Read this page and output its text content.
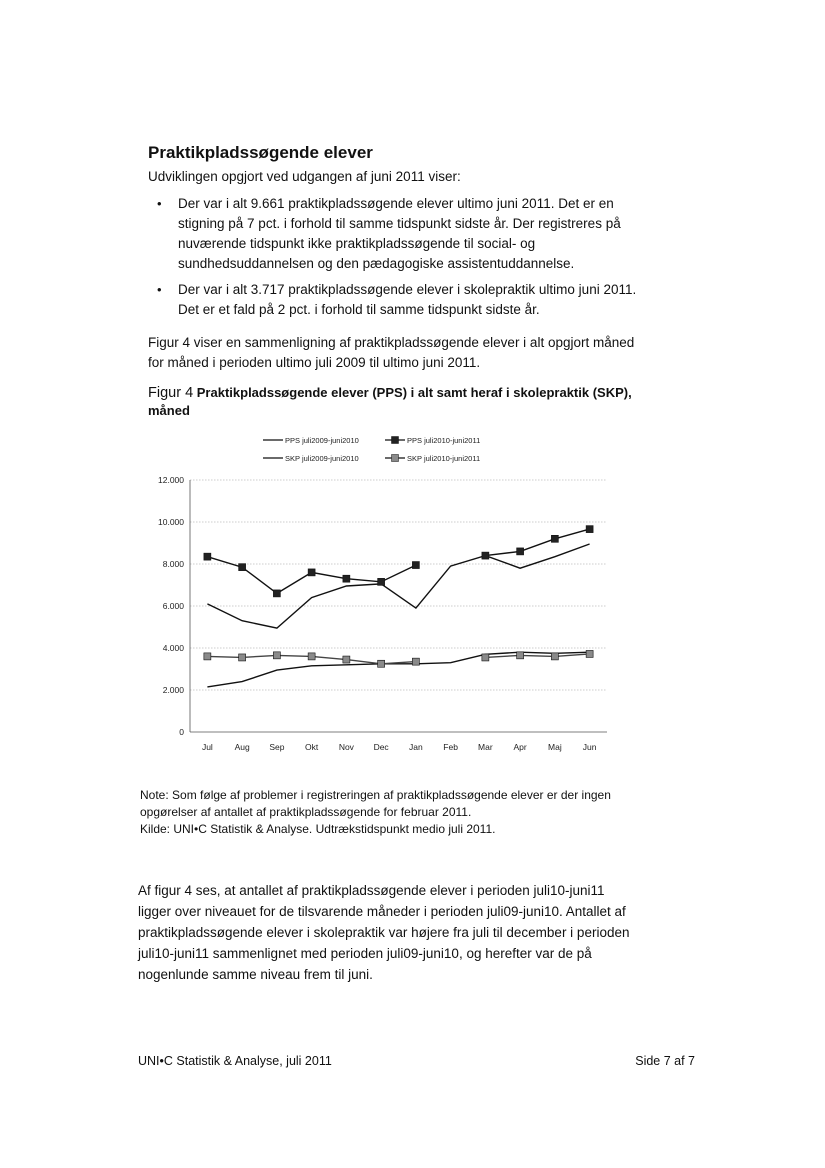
Praktikpladssøgende elever
Udviklingen opgjort ved udgangen af juni 2011 viser:
• Der var i alt 9.661 praktikpladssøgende elever ultimo juni 2011. Det er en stigning på 7 pct. i forhold til samme tidspunkt sidste år. Der registreres på nuværende tidspunkt ikke praktikpladssøgende til social- og sundhedsuddannelsen og den pædagogiske assistentuddannelse.
• Der var i alt 3.717 praktikpladssøgende elever i skolepraktik ultimo juni 2011. Det er et fald på 2 pct. i forhold til samme tidspunkt sidste år.
Figur 4 viser en sammenligning af praktikpladssøgende elever i alt opgjort måned for måned i perioden ultimo juli 2009 til ultimo juni 2011.
Figur 4 Praktikpladssøgende elever (PPS) i alt samt heraf i skolepraktik (SKP), måned
0
2.000
4.000
6.000
8.000
10.000
12.000
Jul	Aug Sep Okt Nov Dec Jan Feb Mar Apr	Maj Jun
PPS juli2009-juni2010	PPS juli2010-juni2011
SKP juli2009-juni2010	SKP juli2010-juni2011
Note: Som følge af problemer i registreringen af praktikpladssøgende elever er der ingen opgørelser af antallet af praktikpladssøgende for februar 2011.
Kilde: UNI•C Statistik & Analyse. Udtrækstidspunkt medio juli 2011.
Af figur 4 ses, at antallet af praktikpladssøgende elever i perioden juli10-juni11 ligger over niveauet for de tilsvarende måneder i perioden juli09-juni10. Antallet af praktikpladssøgende elever i skolepraktik var højere fra juli til december i perioden juli10-juni11 sammenlignet med perioden juli09-juni10, og herefter var de på nogenlunde samme niveau frem til juni.
UNI•C Statistik & Analyse, juli 2011	Side 7 af 7
